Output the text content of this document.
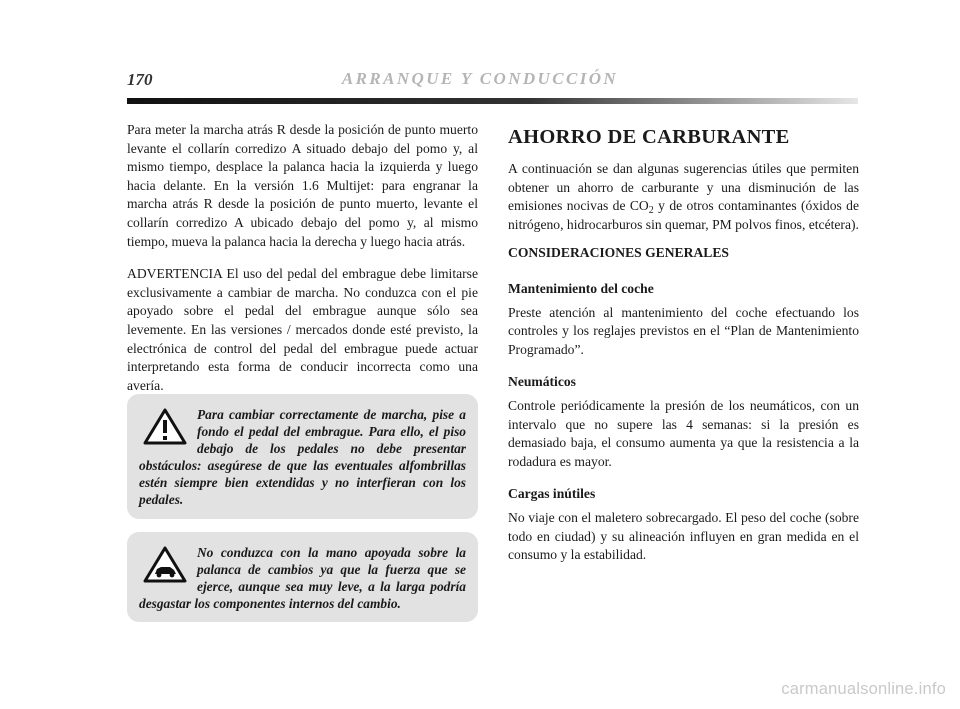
170	ARRANQUE Y CONDUCCIÓN

Para meter la marcha atrás R desde la posición de punto muerto levante el collarín corredizo A situado debajo del pomo y, al mismo tiempo, desplace la palanca hacia la izquierda y luego hacia delante. En la versión 1.6 Multijet: para engranar la marcha atrás R desde la posición de punto muerto, levante el collarín corredizo A ubicado debajo del pomo y, al mismo tiempo, mueva la palanca hacia la derecha y luego hacia atrás.

ADVERTENCIA El uso del pedal del embrague debe limitarse exclusivamente a cambiar de marcha. No conduzca con el pie apoyado sobre el pedal del embrague aunque sólo sea levemente. En las versiones / mercados donde esté previsto, la electrónica de control del pedal del embrague puede actuar interpretando esta forma de conducir incorrecta como una avería.

Para cambiar correctamente de marcha, pise a fondo el pedal del embrague. Para ello, el piso debajo de los pedales no debe presentar obstáculos: asegúrese de que las eventuales alfombrillas estén siempre bien extendidas y no interfieran con los pedales.

No conduzca con la mano apoyada sobre la palanca de cambios ya que la fuerza que se ejerce, aunque sea muy leve, a la larga podría desgastar los componentes internos del cambio.

AHORRO DE CARBURANTE

A continuación se dan algunas sugerencias útiles que permiten obtener un ahorro de carburante y una disminución de las emisiones nocivas de $CO_2$ y de otros contaminantes (óxidos de nitrógeno, hidrocarburos sin quemar, PM polvos finos, etcétera).

CONSIDERACIONES GENERALES
Mantenimiento del coche

Preste atención al mantenimiento del coche efectuando los controles y los reglajes previstos en el “Plan de Mantenimiento Programado”.

Neumáticos

Controle periódicamente la presión de los neumáticos, con un intervalo que no supere las 4 semanas: si la presión es demasiado baja, el consumo aumenta ya que la resistencia a la rodadura es mayor.

Cargas inútiles

No viaje con el maletero sobrecargado. El peso del coche (sobre todo en ciudad) y su alineación influyen en gran medida en el consumo y la estabilidad.

carmanualsonline.info
